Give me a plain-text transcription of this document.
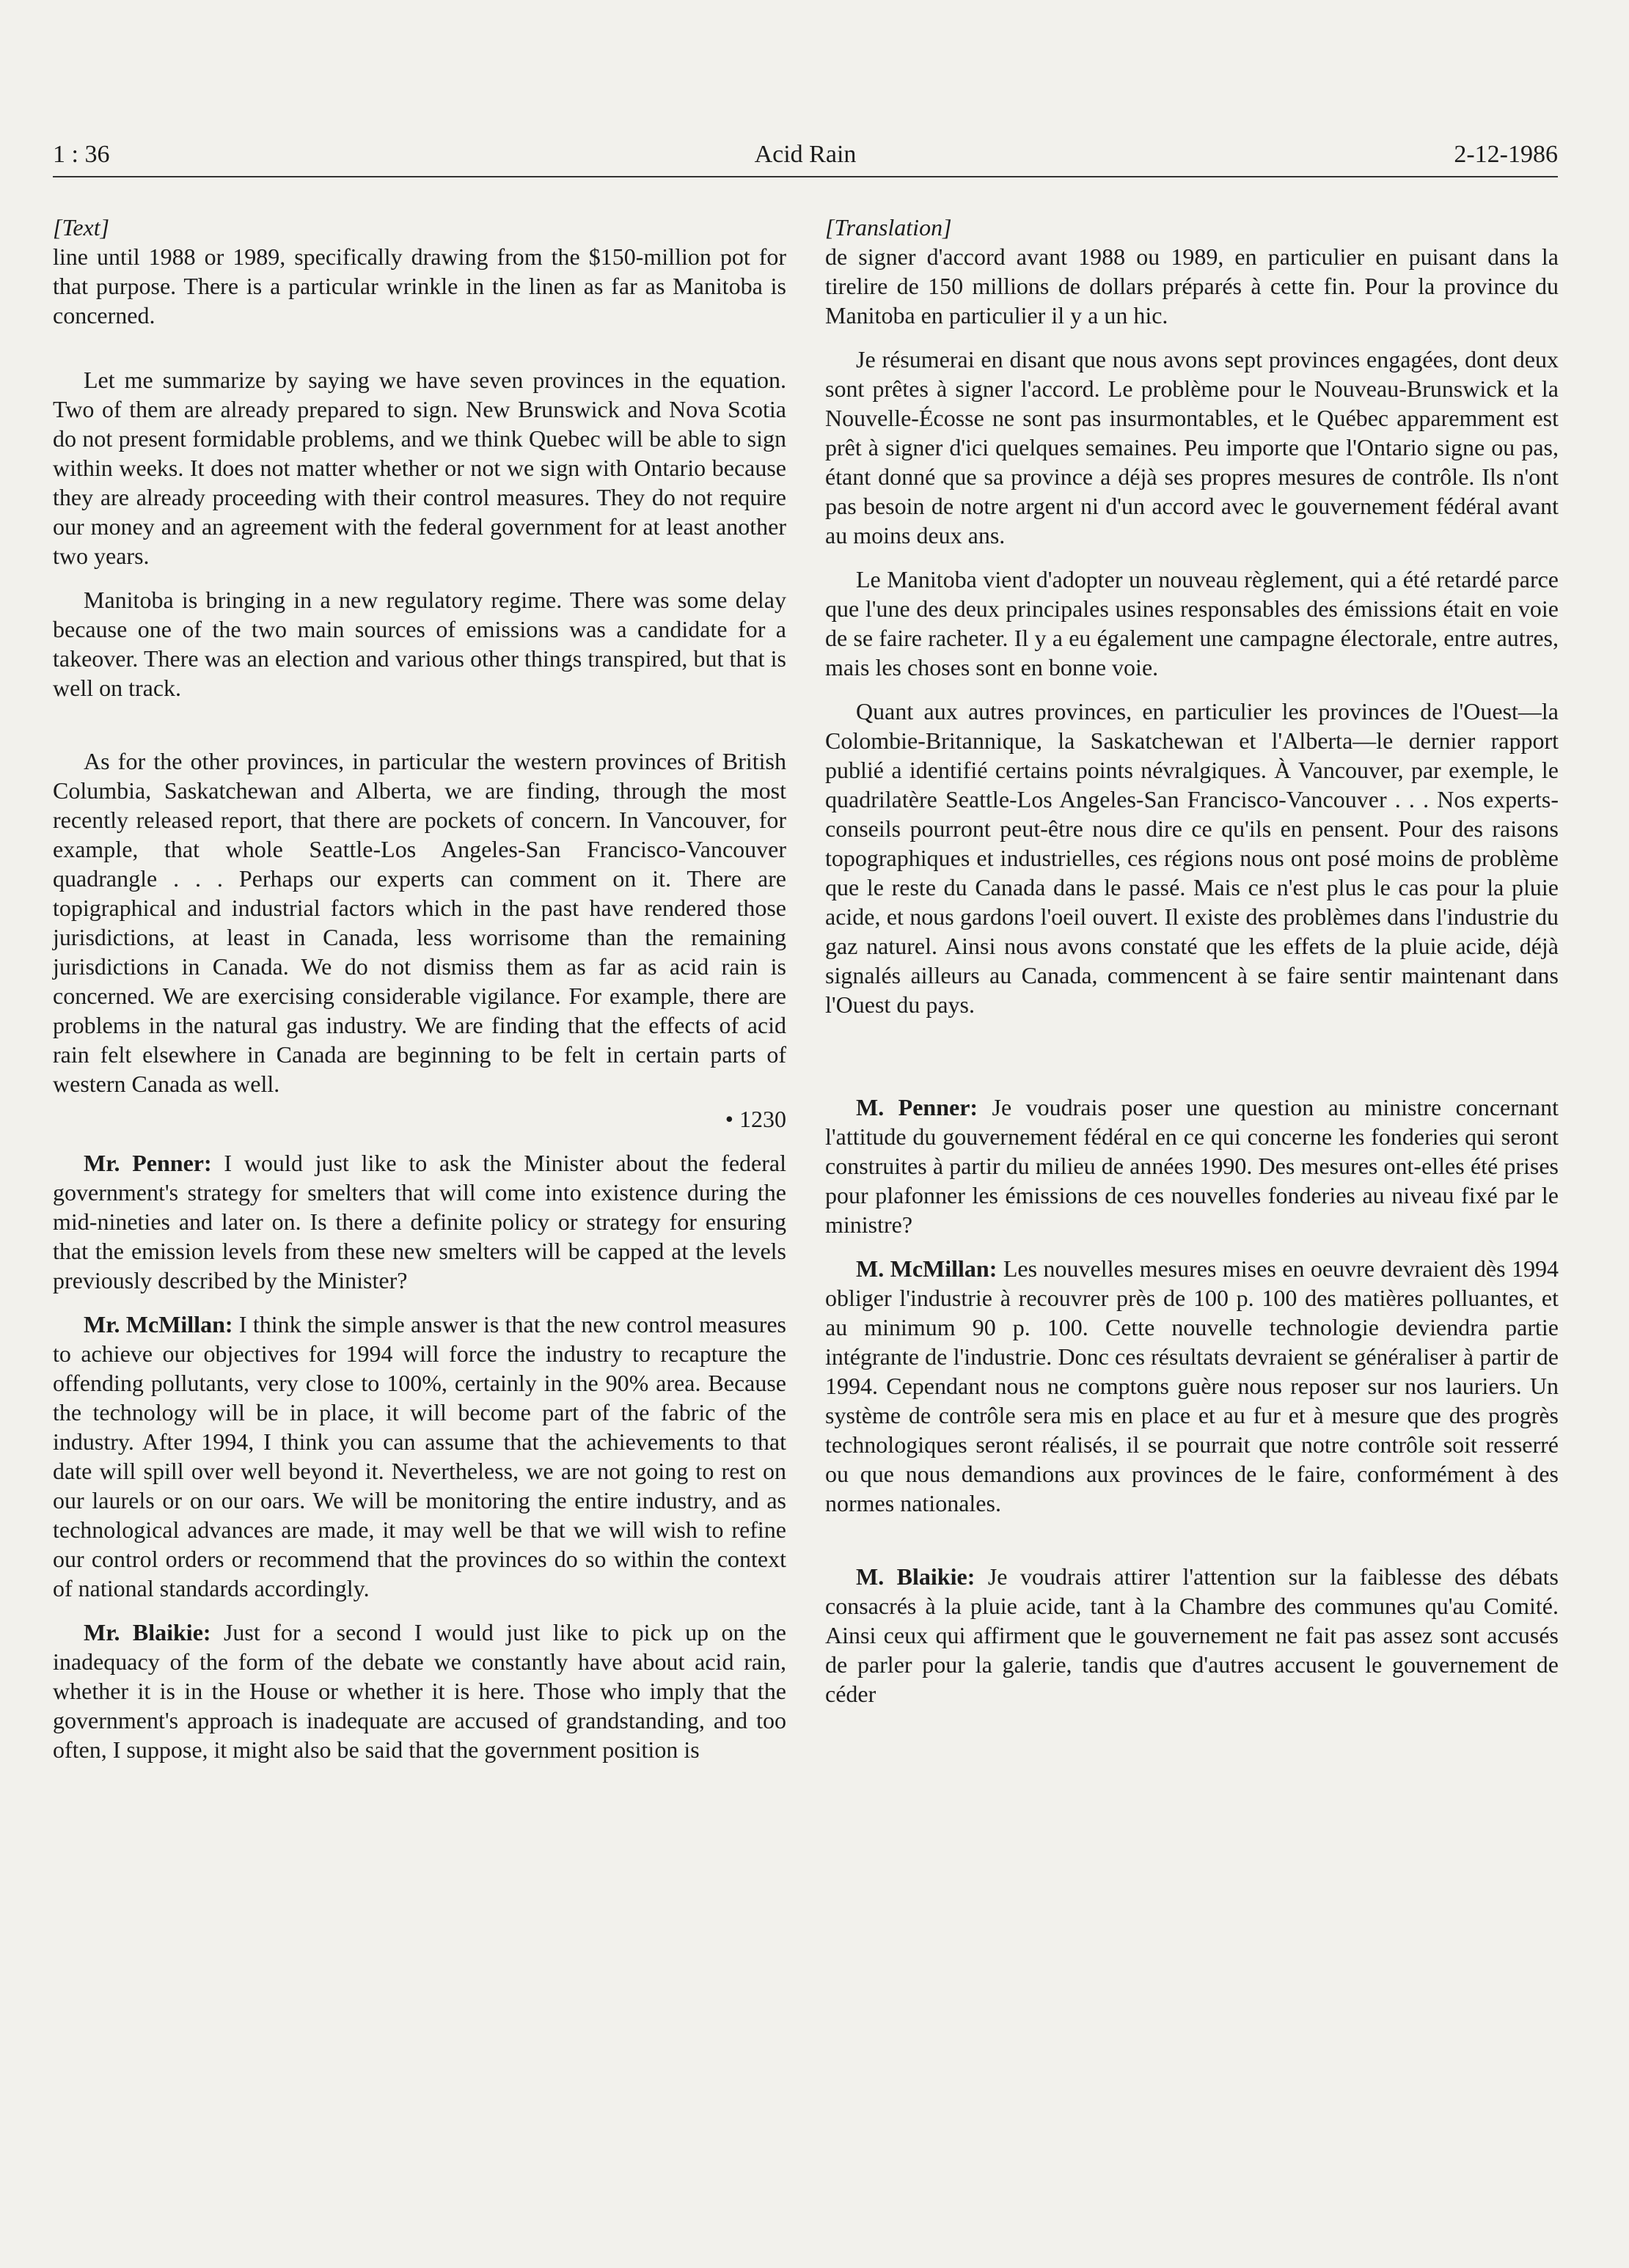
1 : 36	Acid Rain	2-12-1986

[Text]

line until 1988 or 1989, specifically drawing from the $150-million pot for that purpose. There is a particular wrinkle in the linen as far as Manitoba is concerned.

Let me summarize by saying we have seven provinces in the equation. Two of them are already prepared to sign. New Brunswick and Nova Scotia do not present formidable problems, and we think Quebec will be able to sign within weeks. It does not matter whether or not we sign with Ontario because they are already proceeding with their control measures. They do not require our money and an agreement with the federal government for at least another two years.

Manitoba is bringing in a new regulatory regime. There was some delay because one of the two main sources of emissions was a candidate for a takeover. There was an election and various other things transpired, but that is well on track.

As for the other provinces, in particular the western provinces of British Columbia, Saskatchewan and Alberta, we are finding, through the most recently released report, that there are pockets of concern. In Vancouver, for example, that whole Seattle-Los Angeles-San Francisco-Vancouver quadrangle . . . Perhaps our experts can comment on it. There are topigraphical and industrial factors which in the past have rendered those jurisdictions, at least in Canada, less worrisome than the remaining jurisdictions in Canada. We do not dismiss them as far as acid rain is concerned. We are exercising considerable vigilance. For example, there are problems in the natural gas industry. We are finding that the effects of acid rain felt elsewhere in Canada are beginning to be felt in certain parts of western Canada as well.

• 1230

Mr. Penner: I would just like to ask the Minister about the federal government's strategy for smelters that will come into existence during the mid-nineties and later on. Is there a definite policy or strategy for ensuring that the emission levels from these new smelters will be capped at the levels previously described by the Minister?

Mr. McMillan: I think the simple answer is that the new control measures to achieve our objectives for 1994 will force the industry to recapture the offending pollutants, very close to 100%, certainly in the 90% area. Because the technology will be in place, it will become part of the fabric of the industry. After 1994, I think you can assume that the achievements to that date will spill over well beyond it. Nevertheless, we are not going to rest on our laurels or on our oars. We will be monitoring the entire industry, and as technological advances are made, it may well be that we will wish to refine our control orders or recommend that the provinces do so within the context of national standards accordingly.

Mr. Blaikie: Just for a second I would just like to pick up on the inadequacy of the form of the debate we constantly have about acid rain, whether it is in the House or whether it is here. Those who imply that the government's approach is inadequate are accused of grandstanding, and too often, I suppose, it might also be said that the government position is

[Translation]

de signer d'accord avant 1988 ou 1989, en particulier en puisant dans la tirelire de 150 millions de dollars préparés à cette fin. Pour la province du Manitoba en particulier il y a un hic.

Je résumerai en disant que nous avons sept provinces engagées, dont deux sont prêtes à signer l'accord. Le problème pour le Nouveau-Brunswick et la Nouvelle-Écosse ne sont pas insurmontables, et le Québec apparemment est prêt à signer d'ici quelques semaines. Peu importe que l'Ontario signe ou pas, étant donné que sa province a déjà ses propres mesures de contrôle. Ils n'ont pas besoin de notre argent ni d'un accord avec le gouvernement fédéral avant au moins deux ans.

Le Manitoba vient d'adopter un nouveau règlement, qui a été retardé parce que l'une des deux principales usines responsables des émissions était en voie de se faire racheter. Il y a eu également une campagne électorale, entre autres, mais les choses sont en bonne voie.

Quant aux autres provinces, en particulier les provinces de l'Ouest—la Colombie-Britannique, la Saskatchewan et l'Alberta—le dernier rapport publié a identifié certains points névralgiques. À Vancouver, par exemple, le quadrilatère Seattle-Los Angeles-San Francisco-Vancouver . . . Nos experts-conseils pourront peut-être nous dire ce qu'ils en pensent. Pour des raisons topographiques et industrielles, ces régions nous ont posé moins de problème que le reste du Canada dans le passé. Mais ce n'est plus le cas pour la pluie acide, et nous gardons l'oeil ouvert. Il existe des problèmes dans l'industrie du gaz naturel. Ainsi nous avons constaté que les effets de la pluie acide, déjà signalés ailleurs au Canada, commencent à se faire sentir maintenant dans l'Ouest du pays.

M. Penner: Je voudrais poser une question au ministre concernant l'attitude du gouvernement fédéral en ce qui concerne les fonderies qui seront construites à partir du milieu de années 1990. Des mesures ont-elles été prises pour plafonner les émissions de ces nouvelles fonderies au niveau fixé par le ministre?

M. McMillan: Les nouvelles mesures mises en oeuvre devraient dès 1994 obliger l'industrie à recouvrer près de 100 p. 100 des matières polluantes, et au minimum 90 p. 100. Cette nouvelle technologie deviendra partie intégrante de l'industrie. Donc ces résultats devraient se généraliser à partir de 1994. Cependant nous ne comptons guère nous reposer sur nos lauriers. Un système de contrôle sera mis en place et au fur et à mesure que des progrès technologiques seront réalisés, il se pourrait que notre contrôle soit resserré ou que nous demandions aux provinces de le faire, conformément à des normes nationales.

M. Blaikie: Je voudrais attirer l'attention sur la faiblesse des débats consacrés à la pluie acide, tant à la Chambre des communes qu'au Comité. Ainsi ceux qui affirment que le gouvernement ne fait pas assez sont accusés de parler pour la galerie, tandis que d'autres accusent le gouvernement de céder
